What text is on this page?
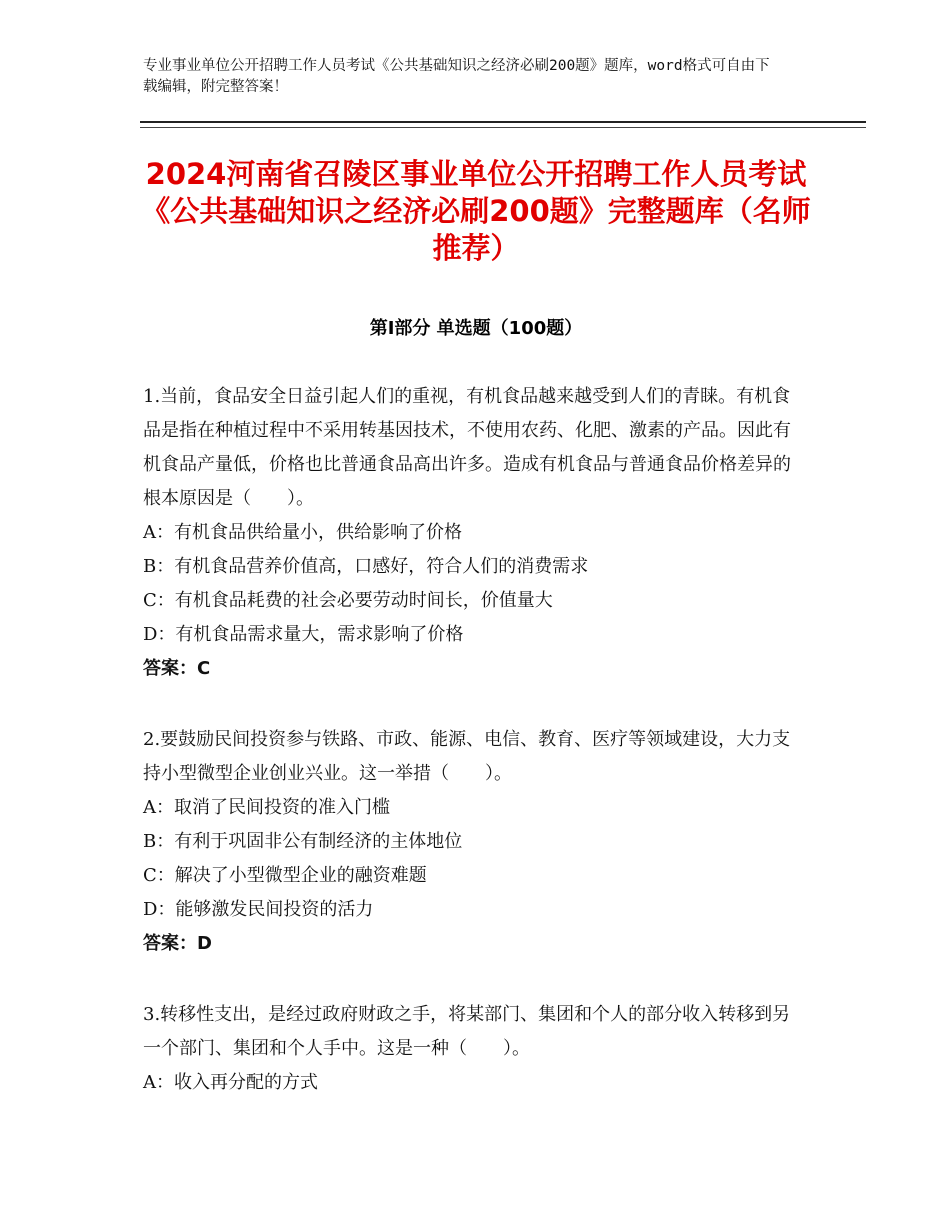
专业事业单位公开招聘工作人员考试《公共基础知识之经济必刷200题》题库，word格式可自由下载编辑，附完整答案！
2024河南省召陵区事业单位公开招聘工作人员考试《公共基础知识之经济必刷200题》完整题库（名师推荐）
第Ⅰ部分 单选题（100题）

1.当前，食品安全日益引起人们的重视，有机食品越来越受到人们的青睐。有机食品是指在种植过程中不采用转基因技术，不使用农药、化肥、激素的产品。因此有机食品产量低，价格也比普通食品高出许多。造成有机食品与普通食品价格差异的根本原因是（　　）。

A：有机食品供给量小，供给影响了价格

B：有机食品营养价值高，口感好，符合人们的消费需求

C：有机食品耗费的社会必要劳动时间长，价值量大

D：有机食品需求量大，需求影响了价格

答案：C

2.要鼓励民间投资参与铁路、市政、能源、电信、教育、医疗等领域建设，大力支持小型微型企业创业兴业。这一举措（　　）。

A：取消了民间投资的准入门槛

B：有利于巩固非公有制经济的主体地位

C：解决了小型微型企业的融资难题

D：能够激发民间投资的活力

答案：D

3.转移性支出，是经过政府财政之手，将某部门、集团和个人的部分收入转移到另一个部门、集团和个人手中。这是一种（　　）。

A：收入再分配的方式
